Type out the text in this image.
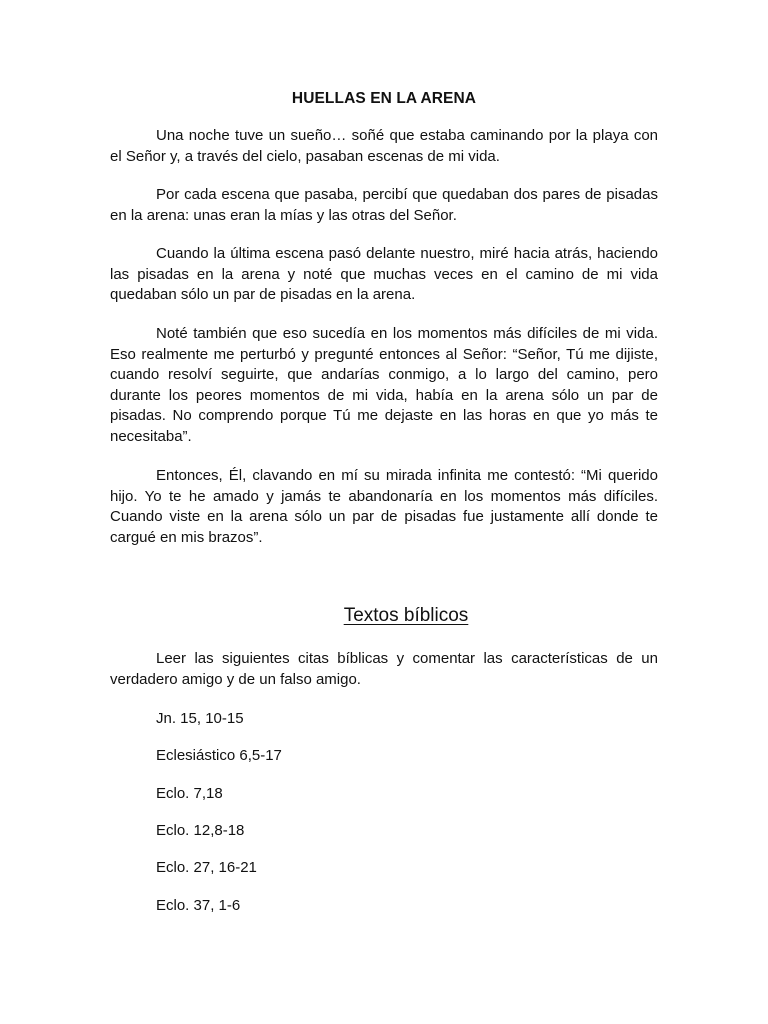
HUELLAS EN LA ARENA

Una noche tuve un sueño… soñé que estaba caminando por la playa con el Señor y, a través del cielo, pasaban escenas de mi vida.

Por cada escena que pasaba, percibí que quedaban dos pares de pisadas en la arena: unas eran la mías y las otras del Señor.

Cuando la última escena pasó delante nuestro, miré hacia atrás, haciendo las pisadas en la arena y noté que muchas veces en el camino de mi vida quedaban sólo un par de pisadas en la arena.

Noté también que eso sucedía en los momentos más difíciles de mi vida. Eso realmente me perturbó y pregunté entonces al Señor: “Señor, Tú me dijiste, cuando resolví seguirte, que andarías conmigo, a lo largo del camino, pero durante los peores momentos de mi vida, había en la arena sólo un par de pisadas. No comprendo porque Tú me dejaste en las horas en que yo más te necesitaba”.

Entonces, Él, clavando en mí su mirada infinita me contestó: “Mi querido hijo. Yo te he amado y jamás te abandonaría en los momentos más difíciles. Cuando viste en la arena sólo un par de pisadas fue justamente allí donde te cargué en mis brazos”.

Textos bíblicos

Leer las siguientes citas bíblicas y comentar las características de un verdadero amigo y de un falso amigo.

Jn. 15, 10-15
Eclesiástico 6,5-17
Eclo. 7,18
Eclo. 12,8-18
Eclo. 27, 16-21
Eclo. 37, 1-6
